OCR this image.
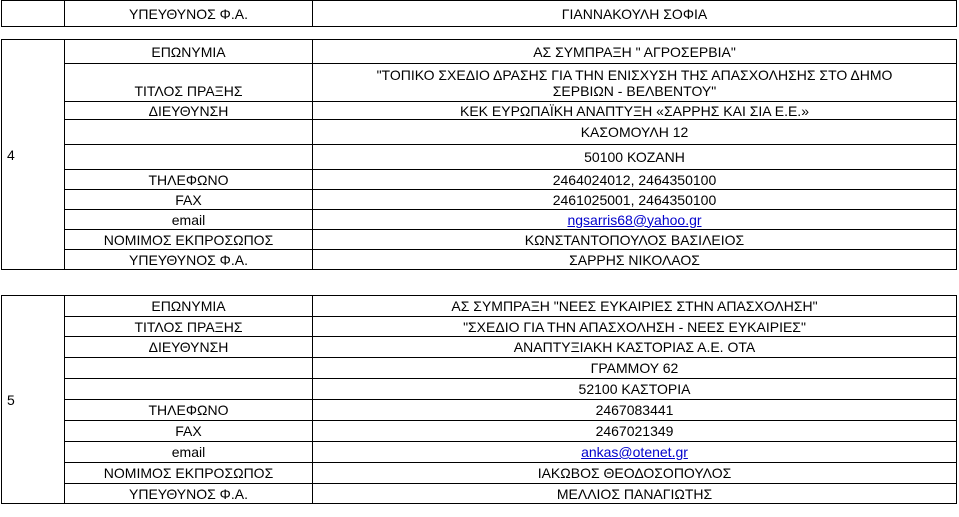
	ΥΠΕΥΘΥΝΟΣ Φ.Α.	ΓΙΑΝΝΑΚΟΥΛΗ ΣΟΦΙΑ
4	ΕΠΩΝΥΜΙΑ	ΑΣ ΣΥΜΠΡΑΞΗ " ΑΓΡΟΣΕΡΒΙΑ"
	ΤΙΤΛΟΣ ΠΡΑΞΗΣ	"ΤΟΠΙΚΟ ΣΧΕΔΙΟ ΔΡΑΣΗΣ ΓΙΑ ΤΗΝ ΕΝΙΣΧΥΣΗ ΤΗΣ ΑΠΑΣΧΟΛΗΣΗΣ ΣΤΟ ΔΗΜΟ
ΣΕΡΒΙΩΝ - ΒΕΛΒΕΝΤΟΥ"

	ΔΙΕΥΘΥΝΣΗ	ΚΕΚ ΕΥΡΩΠΑΪΚΗ ΑΝΑΠΤΥΞΗ «ΣΑΡΡΗΣ ΚΑΙ ΣΙΑ Ε.Ε.»
		ΚΑΣΟΜΟΥΛΗ 12
		50100 ΚΟΖΑΝΗ
	ΤΗΛΕΦΩΝΟ	2464024012, 2464350100
	FAX	2461025001, 2464350100
	email	ngsarris68@yahoo.gr
	ΝΟΜΙΜΟΣ ΕΚΠΡΟΣΩΠΟΣ	ΚΩΝΣΤΑΝΤΟΠΟΥΛΟΣ ΒΑΣΙΛΕΙΟΣ
	ΥΠΕΥΘΥΝΟΣ Φ.Α.	ΣΑΡΡΗΣ ΝΙΚΟΛΑΟΣ
5	ΕΠΩΝΥΜΙΑ	ΑΣ ΣΥΜΠΡΑΞΗ "ΝΕΕΣ ΕΥΚΑΙΡΙΕΣ ΣΤΗΝ ΑΠΑΣΧΟΛΗΣΗ"
	ΤΙΤΛΟΣ ΠΡΑΞΗΣ	"ΣΧΕΔΙΟ ΓΙΑ ΤΗΝ ΑΠΑΣΧΟΛΗΣΗ - ΝΕΕΣ ΕΥΚΑΙΡΙΕΣ"
	ΔΙΕΥΘΥΝΣΗ	ΑΝΑΠΤΥΞΙΑΚΗ ΚΑΣΤΟΡΙΑΣ Α.Ε. ΟΤΑ
		ΓΡΑΜΜΟΥ 62
		52100 ΚΑΣΤΟΡΙΑ
	ΤΗΛΕΦΩΝΟ	2467083441
	FAX	2467021349
	email	ankas@otenet.gr
	ΝΟΜΙΜΟΣ ΕΚΠΡΟΣΩΠΟΣ	ΙΑΚΩΒΟΣ ΘΕΟΔΟΣΟΠΟΥΛΟΣ
	ΥΠΕΥΘΥΝΟΣ Φ.Α.	ΜΕΛΛΙΟΣ ΠΑΝΑΓΙΩΤΗΣ
